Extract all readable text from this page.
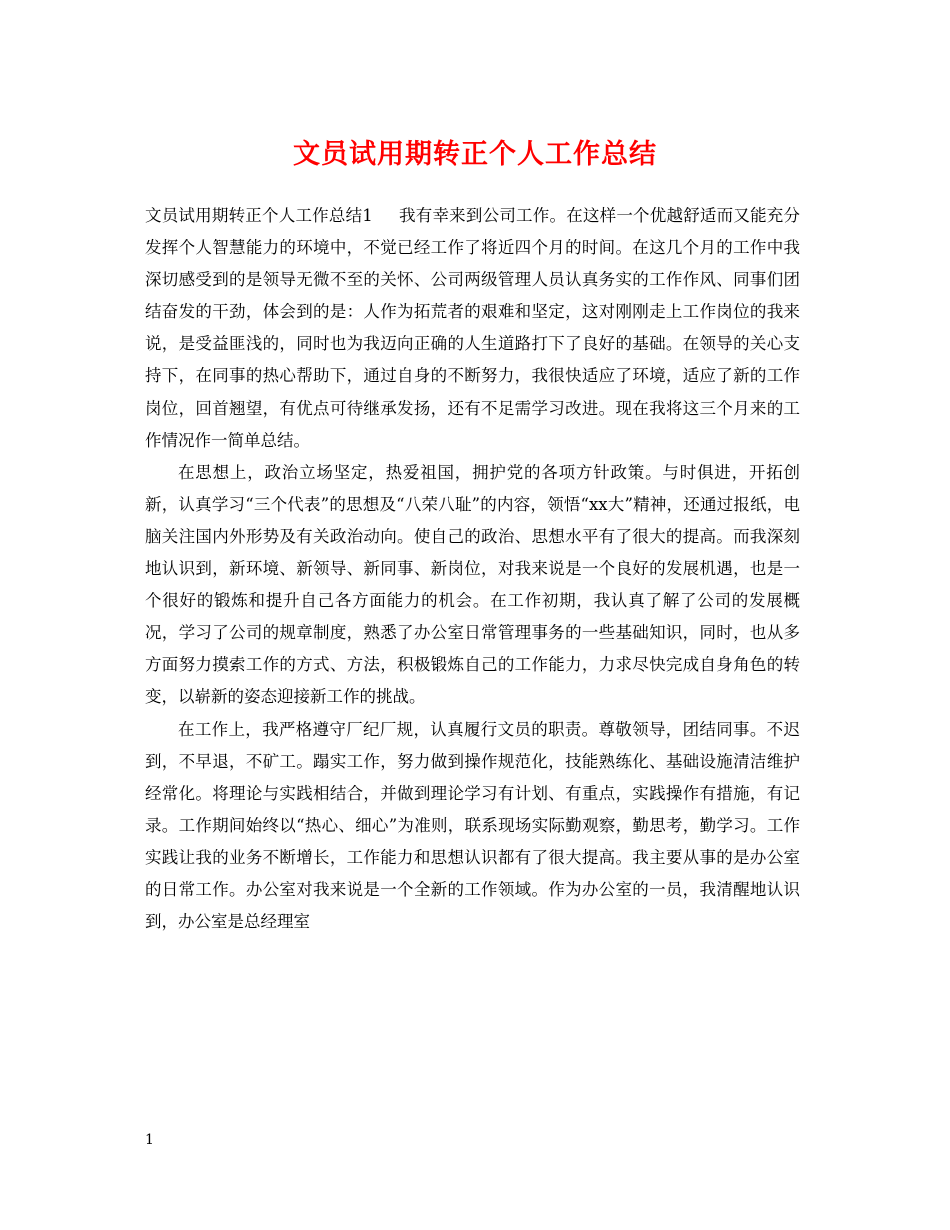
文员试用期转正个人工作总结

文员试用期转正个人工作总结1 我有幸来到公司工作。在这样一个优越舒适而又能充分发挥个人智慧能力的环境中，不觉已经工作了将近四个月的时间。在这几个月的工作中我深切感受到的是领导无微不至的关怀、公司两级管理人员认真务实的工作作风、同事们团结奋发的干劲，体会到的是：人作为拓荒者的艰难和坚定，这对刚刚走上工作岗位的我来说，是受益匪浅的，同时也为我迈向正确的人生道路打下了良好的基础。在领导的关心支持下，在同事的热心帮助下，通过自身的不断努力，我很快适应了环境，适应了新的工作岗位，回首翘望，有优点可待继承发扬，还有不足需学习改进。现在我将这三个月来的工作情况作一简单总结。

在思想上，政治立场坚定，热爱祖国，拥护党的各项方针政策。与时俱进，开拓创新，认真学习“三个代表”的思想及“八荣八耻”的内容，领悟“xx大”精神，还通过报纸，电脑关注国内外形势及有关政治动向。使自己的政治、思想水平有了很大的提高。而我深刻地认识到，新环境、新领导、新同事、新岗位，对我来说是一个良好的发展机遇，也是一个很好的锻炼和提升自己各方面能力的机会。在工作初期，我认真了解了公司的发展概况，学习了公司的规章制度，熟悉了办公室日常管理事务的一些基础知识，同时，也从多方面努力摸索工作的方式、方法，积极锻炼自己的工作能力，力求尽快完成自身角色的转变，以崭新的姿态迎接新工作的挑战。

在工作上，我严格遵守厂纪厂规，认真履行文员的职责。尊敬领导，团结同事。不迟到，不早退，不矿工。蹋实工作，努力做到操作规范化，技能熟练化、基础设施清洁维护经常化。将理论与实践相结合，并做到理论学习有计划、有重点，实践操作有措施，有记录。工作期间始终以“热心、细心”为准则，联系现场实际勤观察，勤思考，勤学习。工作实践让我的业务不断增长，工作能力和思想认识都有了很大提高。我主要从事的是办公室的日常工作。办公室对我来说是一个全新的工作领域。作为办公室的一员，我清醒地认识到，办公室是总经理室

1
